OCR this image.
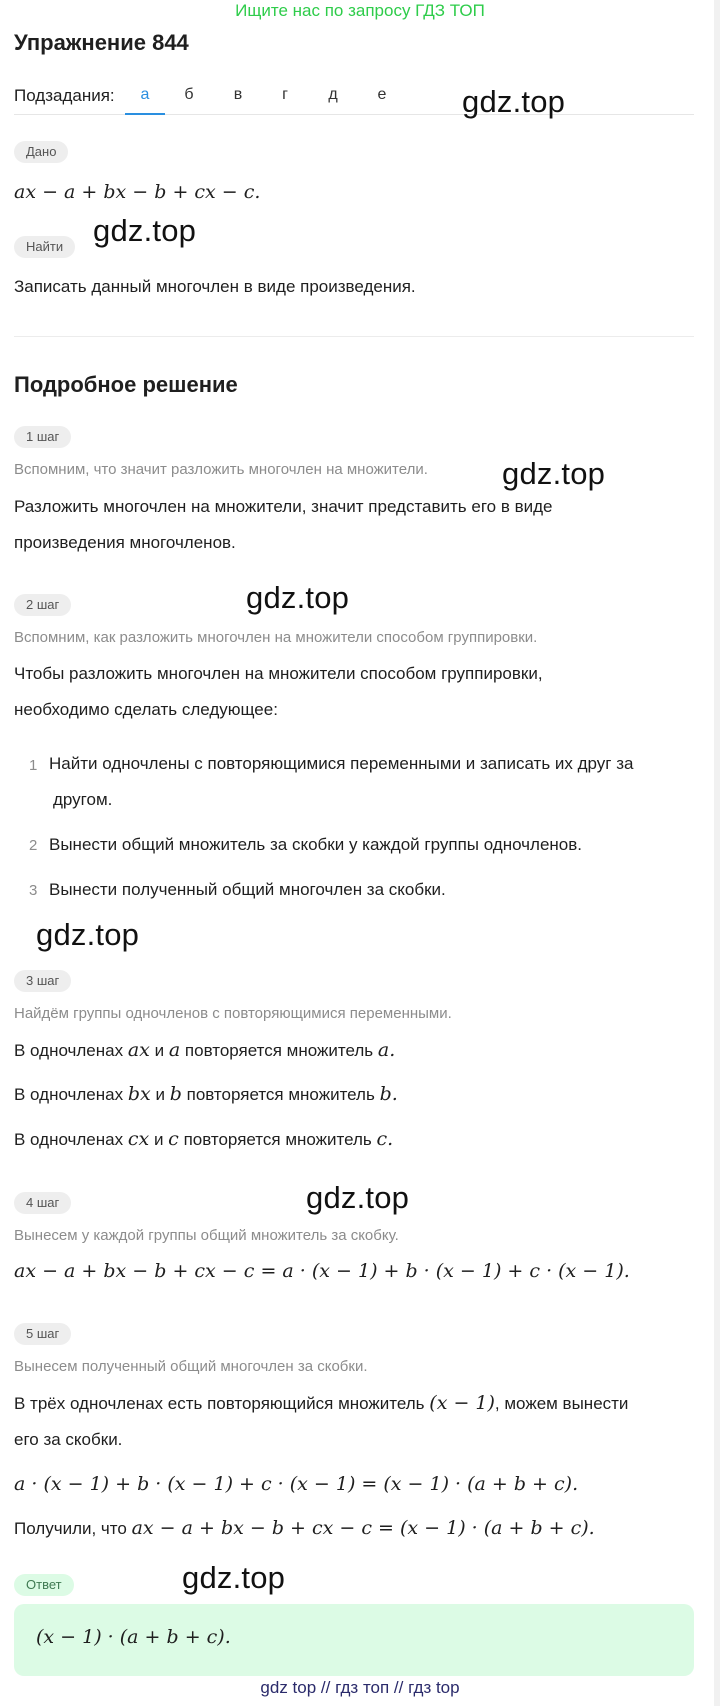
Ищите нас по запросу ГДЗ ТОП
Упражнение 844
Подзадания:	а	б	в	г	д	е	gdz.top
gdz.top
gdz.top
gdz.top
gdz.top
gdz.top
gdz.top
Дано
ax − a + bx − b + cx − c.
Найти
Записать данный многочлен в виде произведения.
Подробное решение
1 шаг
Вспомним, что значит разложить многочлен на множители.
Разложить многочлен на множители, значит представить его в виде
произведения многочленов.
2 шаг
Вспомним, как разложить многочлен на множители способом группировки.
Чтобы разложить многочлен на множители способом группировки,
необходимо сделать следующее:
1 Найти одночлены с повторяющимися переменными и записать их друг за
другом.
2 Вынести общий множитель за скобки у каждой группы одночленов.
3 Вынести полученный общий многочлен за скобки.
3 шаг
Найдём группы одночленов с повторяющимися переменными.
В одночленах ax и a повторяется множитель a.
В одночленах bx и b повторяется множитель b.
В одночленах cx и c повторяется множитель c.
4 шаг
Вынесем у каждой группы общий множитель за скобку.
ax − a + bx − b + cx − c = a · (x − 1) + b · (x − 1) + c · (x − 1).
5 шаг
Вынесем полученный общий многочлен за скобки.
В трёх одночленах есть повторяющийся множитель (x − 1), можем вынести
его за скобки.
a · (x − 1) + b · (x − 1) + c · (x − 1) = (x − 1) · (a + b + c).
Получили, что ax − a + bx − b + cx − c = (x − 1) · (a + b + c).
Ответ
(x − 1) · (a + b + c).
gdz top // гдз топ // гдз top
